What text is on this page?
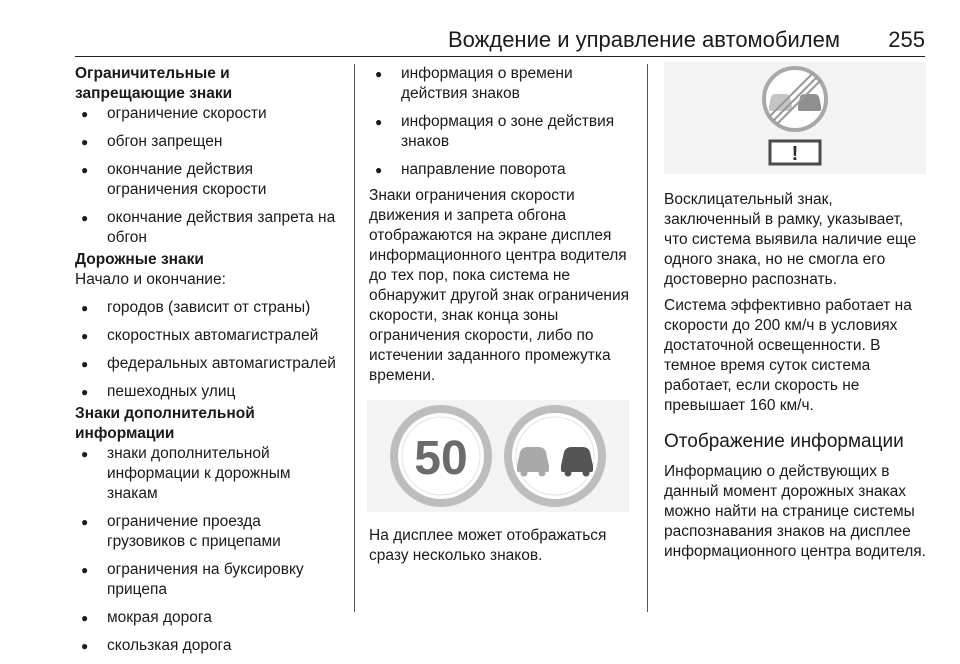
Вождение и управление автомобилем 255

Ограничительные и запрещающие знаки

● ограничение скорости
● обгон запрещен
● окончание действия ограничения скорости
● окончание действия запрета на обгон

Дорожные знаки

Начало и окончание:

● городов (зависит от страны)
● скоростных автомагистралей
● федеральных автомагистралей
● пешеходных улиц

Знаки дополнительной информации

● знаки дополнительной информации к дорожным знакам
● ограничение проезда грузовиков с прицепами
● ограничения на буксировку прицепа
● мокрая дорога
● скользкая дорога
● информация о времени действия знаков
● информация о зоне действия знаков
● направление поворота

Знаки ограничения скорости движения и запрета обгона отображаются на экране дисплея информационного центра водителя до тех пор, пока система не обнаружит другой знак ограничения скорости, знак конца зоны ограничения скорости, либо по истечении заданного промежутка времени.

50

На дисплее может отображаться сразу несколько знаков.

!

Восклицательный знак, заключенный в рамку, указывает, что система выявила наличие еще одного знака, но не смогла его достоверно распознать.

Система эффективно работает на скорости до 200 км/ч в условиях достаточной освещенности. В темное время суток система работает, если скорость не превышает 160 км/ч.

Отображение информации

Информацию о действующих в данный момент дорожных знаках можно найти на странице системы распознавания знаков на дисплее информационного центра водителя.
